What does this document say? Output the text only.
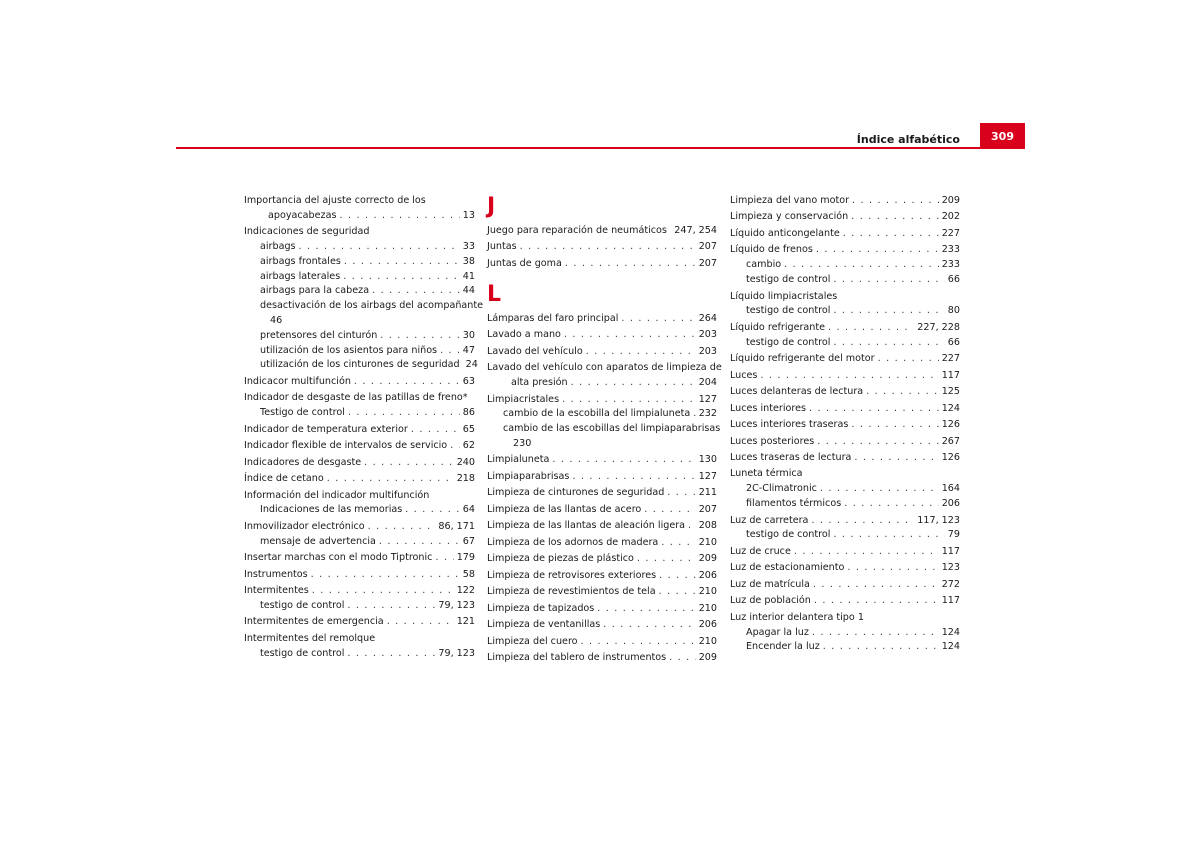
Índice alfabético	309
Importancia del ajuste correcto de los
apoyacabezas . . .	13
Indicaciones de seguridad
airbags . . .	33
airbags frontales . . .	38
airbags laterales . . .	41
airbags para la cabeza . . .	44
desactivación de los airbags del acompañante
46
pretensores del cinturón . . .	30
utilización de los asientos para niños . . .	47
utilización de los cinturones de seguridad 24
Indicacor multifunción . . .	63
Indicador de desgaste de las patillas de freno*
Testigo de control . . .	86
Indicador de temperatura exterior . . .	65
Indicador flexible de intervalos de servicio . . . 62
Indicadores de desgaste . . .	240
Índice de cetano . . .	218
Información del indicador multifunción
Indicaciones de las memorias . . .	64
Inmovilizador electrónico . . .	86, 171
mensaje de advertencia . . .	67
Insertar marchas con el modo Tiptronic . . .	179
Instrumentos . . .	58
Intermitentes . . .	122
testigo de control . . .	79, 123
Intermitentes de emergencia . . .	121
Intermitentes del remolque
testigo de control . . .	79, 123
J
Juego para reparación de neumáticos . . . 247, 254
Juntas . . .	207
Juntas de goma . . .	207
L
Lámparas del faro principal . . .	264
Lavado a mano . . .	203
Lavado del vehículo . . .	203
Lavado del vehículo con aparatos de limpieza de
alta presión . . .	204
Limpiacristales . . .	127
cambio de la escobilla del limpialuneta . . . 232
cambio de las escobillas del limpiaparabrisas
230
Limpialuneta . . .	130
Limpiaparabrisas . . .	127
Limpieza de cinturones de seguridad . . .	211
Limpieza de las llantas de acero . . .	207
Limpieza de las llantas de aleación ligera . . . 208
Limpieza de los adornos de madera . . .	210
Limpieza de piezas de plástico . . .	209
Limpieza de retrovisores exteriores . . .	206
Limpieza de revestimientos de tela . . .	210
Limpieza de tapizados . . .	210
Limpieza de ventanillas . . .	206
Limpieza del cuero . . .	210
Limpieza del tablero de instrumentos . . .	209
Limpieza del vano motor . . .	209
Limpieza y conservación . . .	202
Líquido anticongelante . . .	227
Líquido de frenos . . .	233
cambio . . .	233
testigo de control . . .	66
Líquido limpiacristales
testigo de control . . .	80
Líquido refrigerante . . .	227, 228
testigo de control . . .	66
Líquido refrigerante del motor . . .	227
Luces . . .	117
Luces delanteras de lectura . . .	125
Luces interiores . . .	124
Luces interiores traseras . . .	126
Luces posteriores . . .	267
Luces traseras de lectura . . .	126
Luneta térmica
2C-Climatronic . . .	164
filamentos térmicos . . .	206
Luz de carretera . . .	117, 123
testigo de control . . .	79
Luz de cruce . . .	117
Luz de estacionamiento . . .	123
Luz de matrícula . . .	272
Luz de población . . .	117
Luz interior delantera tipo 1
Apagar la luz . . .	124
Encender la luz . . .	124
